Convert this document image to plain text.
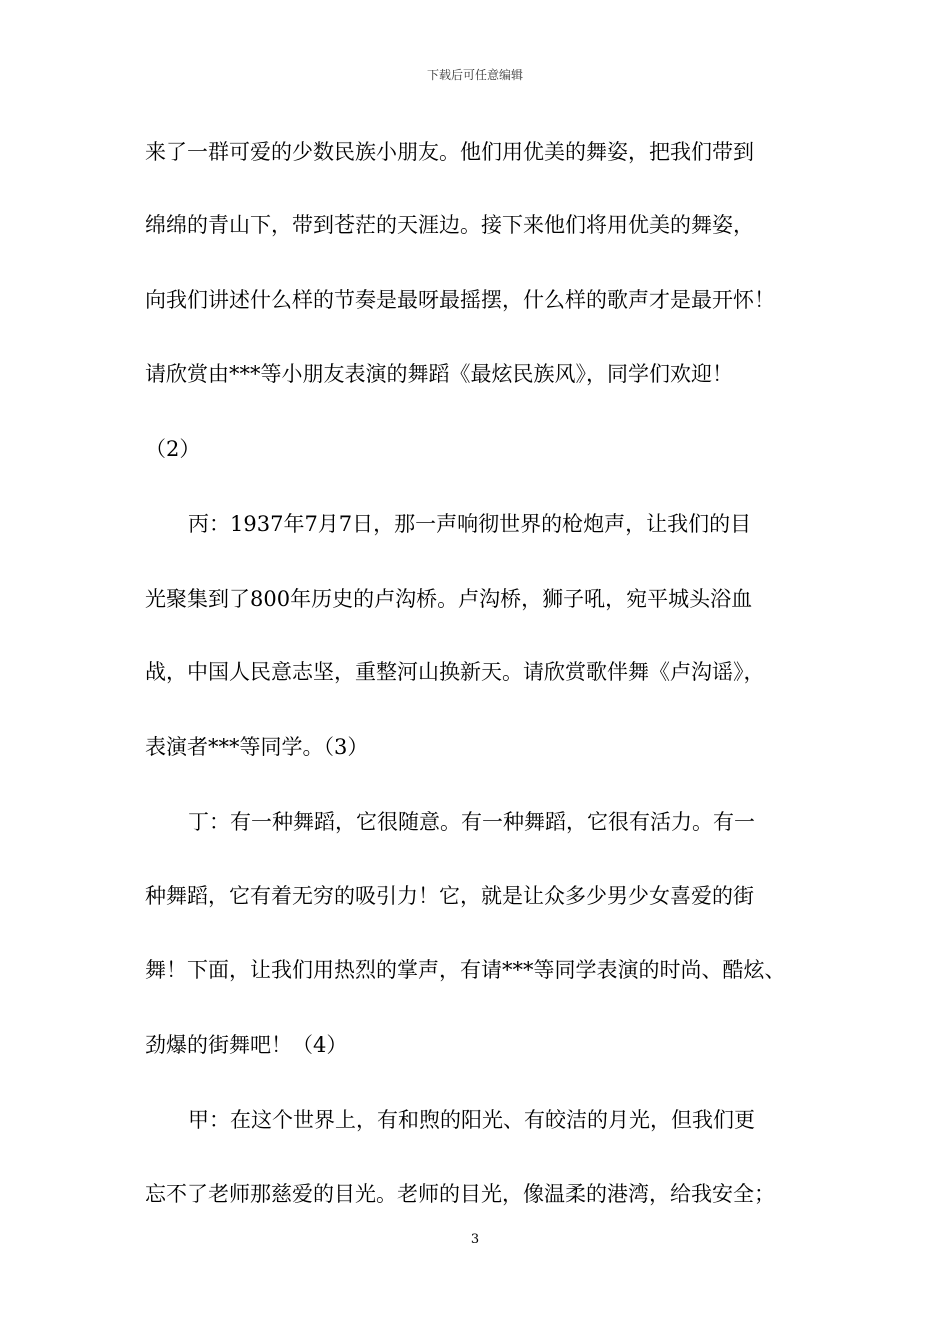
下载后可任意编辑
来了一群可爱的少数民族小朋友。他们用优美的舞姿，把我们带到
绵绵的青山下，带到苍茫的天涯边。接下来他们将用优美的舞姿，
向我们讲述什么样的节奏是最呀最摇摆，什么样的歌声才是最开怀！
请欣赏由***等小朋友表演的舞蹈《最炫民族风》，同学们欢迎！
（2）
丙：1937年7月7日，那一声响彻世界的枪炮声，让我们的目
光聚集到了800年历史的卢沟桥。卢沟桥，狮子吼，宛平城头浴血
战，中国人民意志坚，重整河山换新天。请欣赏歌伴舞《卢沟谣》，
表演者***等同学。（3）
丁：有一种舞蹈，它很随意。有一种舞蹈，它很有活力。有一
种舞蹈，它有着无穷的吸引力！它，就是让众多少男少女喜爱的街
舞！下面，让我们用热烈的掌声，有请***等同学表演的时尚、酷炫、
劲爆的街舞吧！（4）
甲：在这个世界上，有和煦的阳光、有皎洁的月光，但我们更
忘不了老师那慈爱的目光。老师的目光，像温柔的港湾，给我安全；
3
